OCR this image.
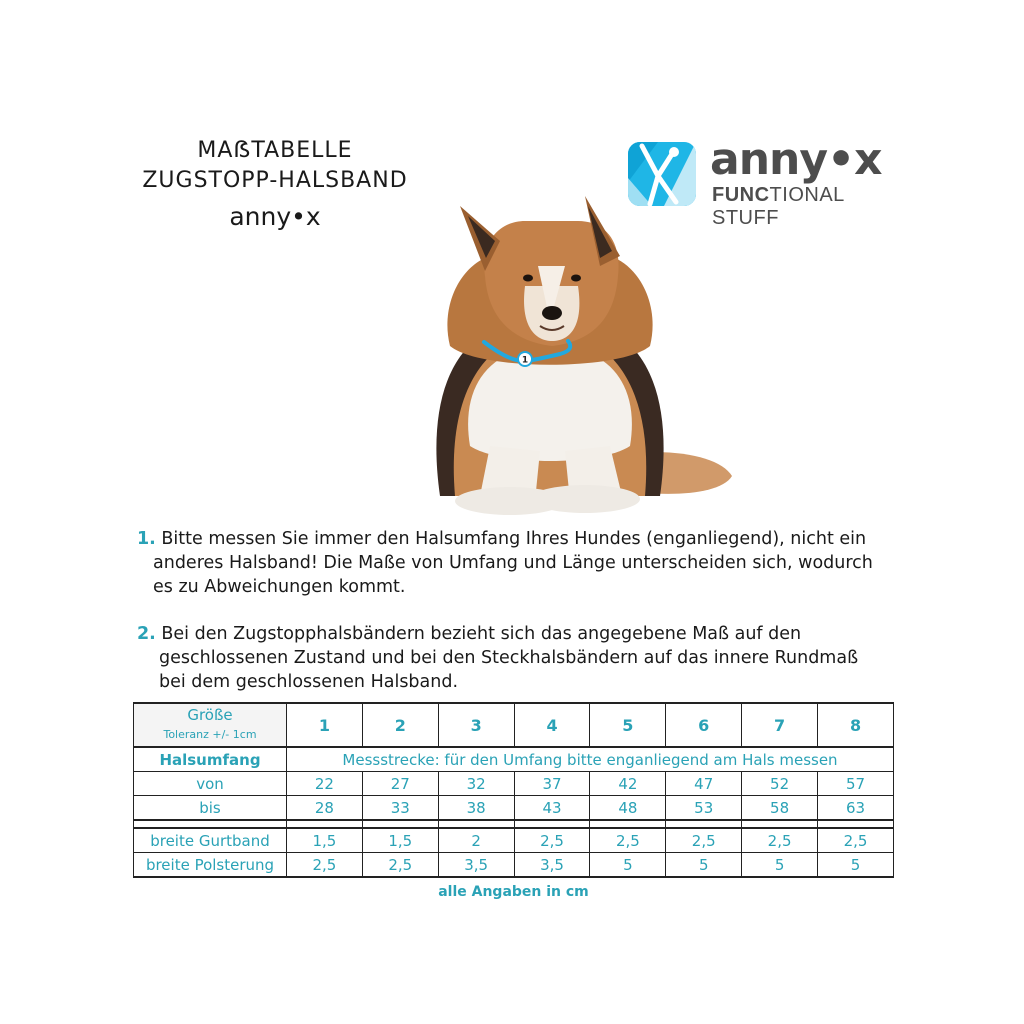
MAẞTABELLE
ZUGSTOPP-HALSBAND
anny•x
anny•x
FUNCTIONAL STUFF
1
1. Bitte messen Sie immer den Halsumfang Ihres Hundes (enganliegend), nicht ein
anderes Halsband! Die Maße von Umfang und Länge unterscheiden sich, wodurch
es zu Abweichungen kommt.
2. Bei den Zugstopphalsbändern bezieht sich das angegebene Maß auf den
geschlossenen Zustand und bei den Steckhalsbändern auf das innere Rundmaß
bei dem geschlossenen Halsband.
Größe
Toleranz +/- 1cm	1	2	3	4	5	6	7	8
Halsumfang	Messstrecke: für den Umfang bitte enganliegend am Hals messen							
von	22	27	32	37	42	47	52	57
bis	28	33	38	43	48	53	58	63

breite Gurtband	1,5	1,5	2	2,5	2,5	2,5	2,5	2,5
breite Polsterung	2,5	2,5	3,5	3,5	5	5	5	5
alle Angaben in cm
